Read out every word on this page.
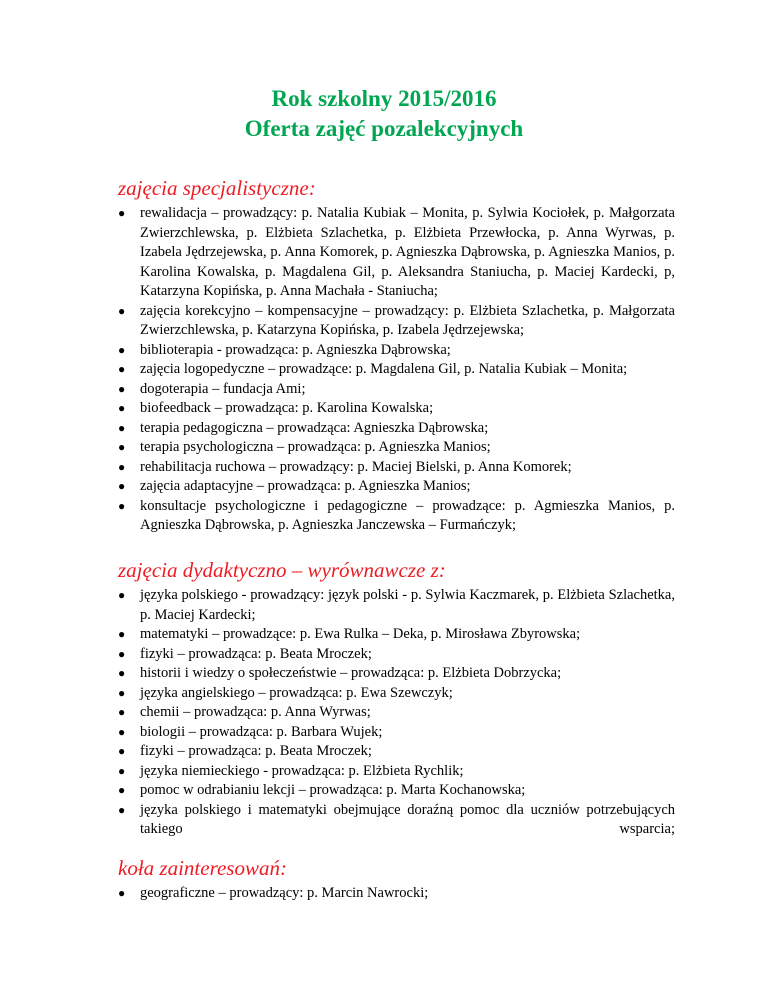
Rok szkolny 2015/2016
Oferta zajęć pozalekcyjnych
zajęcia specjalistyczne:
● rewalidacja – prowadzący: p. Natalia Kubiak – Monita, p. Sylwia Kociołek, p. Małgorzata Zwierzchlewska, p. Elżbieta Szlachetka, p. Elżbieta Przewłocka, p. Anna Wyrwas, p. Izabela Jędrzejewska, p. Anna Komorek, p. Agnieszka Dąbrowska, p. Agnieszka Manios, p. Karolina Kowalska, p. Magdalena Gil, p. Aleksandra Staniucha, p. Maciej Kardecki, p, Katarzyna Kopińska, p. Anna Machała - Staniucha;
● zajęcia korekcyjno – kompensacyjne – prowadzący: p. Elżbieta Szlachetka, p. Małgorzata Zwierzchlewska, p. Katarzyna Kopińska, p. Izabela Jędrzejewska;
● biblioterapia - prowadząca: p. Agnieszka Dąbrowska;
● zajęcia logopedyczne – prowadzące: p. Magdalena Gil, p. Natalia Kubiak – Monita;
● dogoterapia – fundacja Ami;
● biofeedback – prowadząca: p. Karolina Kowalska;
● terapia pedagogiczna – prowadząca: Agnieszka Dąbrowska;
● terapia psychologiczna – prowadząca: p. Agnieszka Manios;
● rehabilitacja ruchowa – prowadzący: p. Maciej Bielski, p. Anna Komorek;
● zajęcia adaptacyjne – prowadząca: p. Agnieszka Manios;
● konsultacje psychologiczne i pedagogiczne – prowadzące: p. Agmieszka Manios, p. Agnieszka Dąbrowska, p. Agnieszka Janczewska – Furmańczyk;
zajęcia dydaktyczno – wyrównawcze z:
● języka polskiego - prowadzący: język polski - p. Sylwia Kaczmarek, p. Elżbieta Szlachetka, p. Maciej Kardecki;
● matematyki – prowadzące: p. Ewa Rulka – Deka, p. Mirosława Zbyrowska;
● fizyki – prowadząca: p. Beata Mroczek;
● historii i wiedzy o społeczeństwie – prowadząca: p. Elżbieta Dobrzycka;
● języka angielskiego – prowadząca: p. Ewa Szewczyk;
● chemii – prowadząca: p. Anna Wyrwas;
● biologii – prowadząca: p. Barbara Wujek;
● fizyki – prowadząca: p. Beata Mroczek;
● języka niemieckiego - prowadząca: p. Elżbieta Rychlik;
● pomoc w odrabianiu lekcji – prowadząca: p. Marta Kochanowska;
● języka polskiego i matematyki obejmujące doraźną pomoc dla uczniów potrzebujących takiego wsparcia;
koła zainteresowań:
● geograficzne – prowadzący: p. Marcin Nawrocki;
